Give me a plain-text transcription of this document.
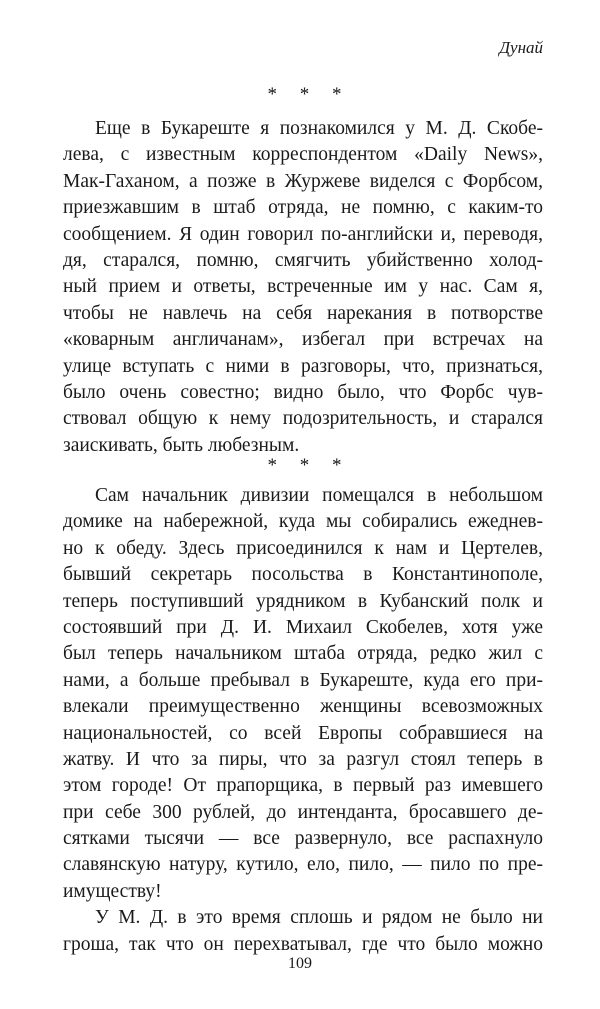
Дунай
* * *
Еще в Букареште я познакомился у М. Д. Скобе-
лева, с известным корреспондентом «Daily News»,
Мак-Гаханом, а позже в Журжеве виделся с Форбсом,
приезжавшим в штаб отряда, не помню, с каким-то
сообщением. Я один говорил по-английски и, переводя,
дя, старался, помню, смягчить убийственно холод-
ный прием и ответы, встреченные им у нас. Сам я,
чтобы не навлечь на себя нарекания в потворстве
«коварным англичанам», избегал при встречах на
улице вступать с ними в разговоры, что, признаться,
было очень совестно; видно было, что Форбс чув-
ствовал общую к нему подозрительность, и старался
заискивать, быть любезным.
* * *
Сам начальник дивизии помещался в небольшом
домике на набережной, куда мы собирались ежеднев-
но к обеду. Здесь присоединился к нам и Цертелев,
бывший секретарь посольства в Константинополе,
теперь поступивший урядником в Кубанский полк и
состоявший при Д. И. Михаил Скобелев, хотя уже
был теперь начальником штаба отряда, редко жил с
нами, а больше пребывал в Букареште, куда его при-
влекали преимущественно женщины всевозможных
национальностей, со всей Европы собравшиеся на
жатву. И что за пиры, что за разгул стоял теперь в
этом городе! От прапорщика, в первый раз имевшего
при себе 300 рублей, до интенданта, бросавшего де-
сятками тысячи — все развернуло, все распахнуло
славянскую натуру, кутило, ело, пило, — пило по пре-
имуществу!
У М. Д. в это время сплошь и рядом не было ни
гроша, так что он перехватывал, где что было можно
109
